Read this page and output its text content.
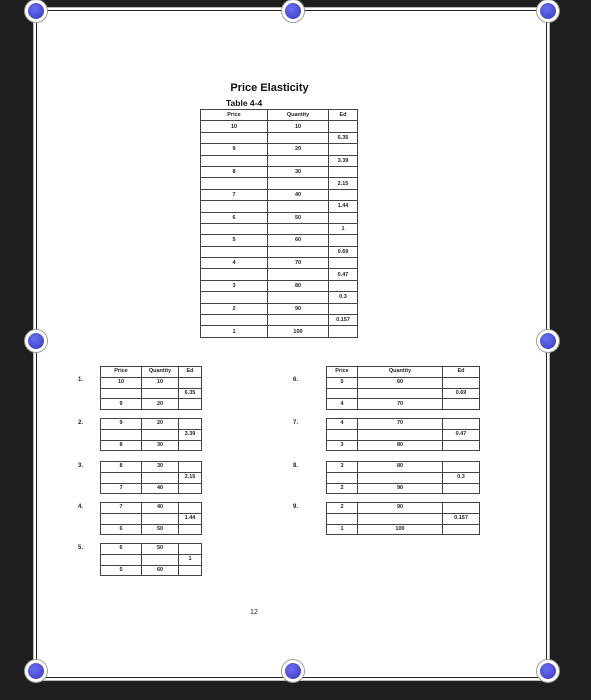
Price Elasticity
Table 4-4
Price	Quantity	Ed
10	10	
		6.35
9	20	
		3.39
8	30	
		2.15
7	40	
		1.44
6	50	
		1
5	60	
		0.69
4	70	
		0.47
3	80	
		0.3
2	90	
		0.157
1	100	
1.
Price	Quantity	Ed
10	10	
		6.35
9	20	
2.	9	20	
		3.39
8	30	
3.	8	30	
		2.15
7	40	
4.	7	40	
		1.44
6	50	
5.	6	50	
		1
5	60	
6.
Price	Quantity	Ed
5	60	
		0.69
4	70	
7.	4	70	
		0.47
3	80	
8.	3	80	
		0.3
2	90	
9.	2	90	
		0.157
1	100	
12
